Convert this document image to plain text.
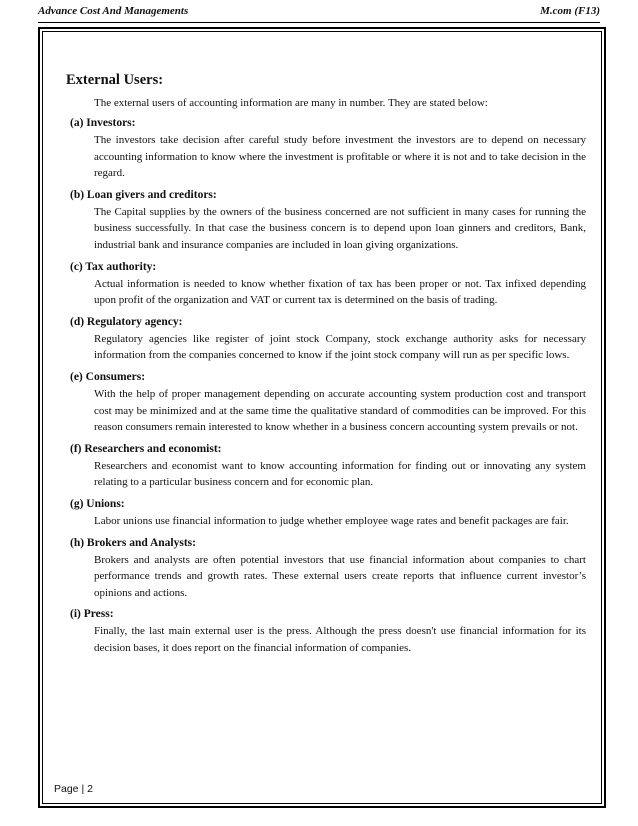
Advance Cost And Managements	M.com (F13)
External Users:
The external users of accounting information are many in number. They are stated below:
(a) Investors:
The investors take decision after careful study before investment the investors are to depend on necessary accounting information to know where the investment is profitable or where it is not and to take decision in the regard.
(b) Loan givers and creditors:
The Capital supplies by the owners of the business concerned are not sufficient in many cases for running the business successfully. In that case the business concern is to depend upon loan ginners and creditors, Bank, industrial bank and insurance companies are included in loan giving organizations.
(c) Tax authority:
Actual information is needed to know whether fixation of tax has been proper or not. Tax infixed depending upon profit of the organization and VAT or current tax is determined on the basis of trading.
(d) Regulatory agency:
Regulatory agencies like register of joint stock Company, stock exchange authority asks for necessary information from the companies concerned to know if the joint stock company will run as per specific lows.
(e) Consumers:
With the help of proper management depending on accurate accounting system production cost and transport cost may be minimized and at the same time the qualitative standard of commodities can be improved. For this reason consumers remain interested to know whether in a business concern accounting system prevails or not.
(f) Researchers and economist:
Researchers and economist want to know accounting information for finding out or innovating any system relating to a particular business concern and for economic plan.
(g) Unions:
Labor unions use financial information to judge whether employee wage rates and benefit packages are fair.
(h) Brokers and Analysts:
Brokers and analysts are often potential investors that use financial information about companies to chart performance trends and growth rates. These external users create reports that influence current investor’s opinions and actions.
(i) Press:
Finally, the last main external user is the press. Although the press doesn't use financial information for its decision bases, it does report on the financial information of companies.
Page | 2
